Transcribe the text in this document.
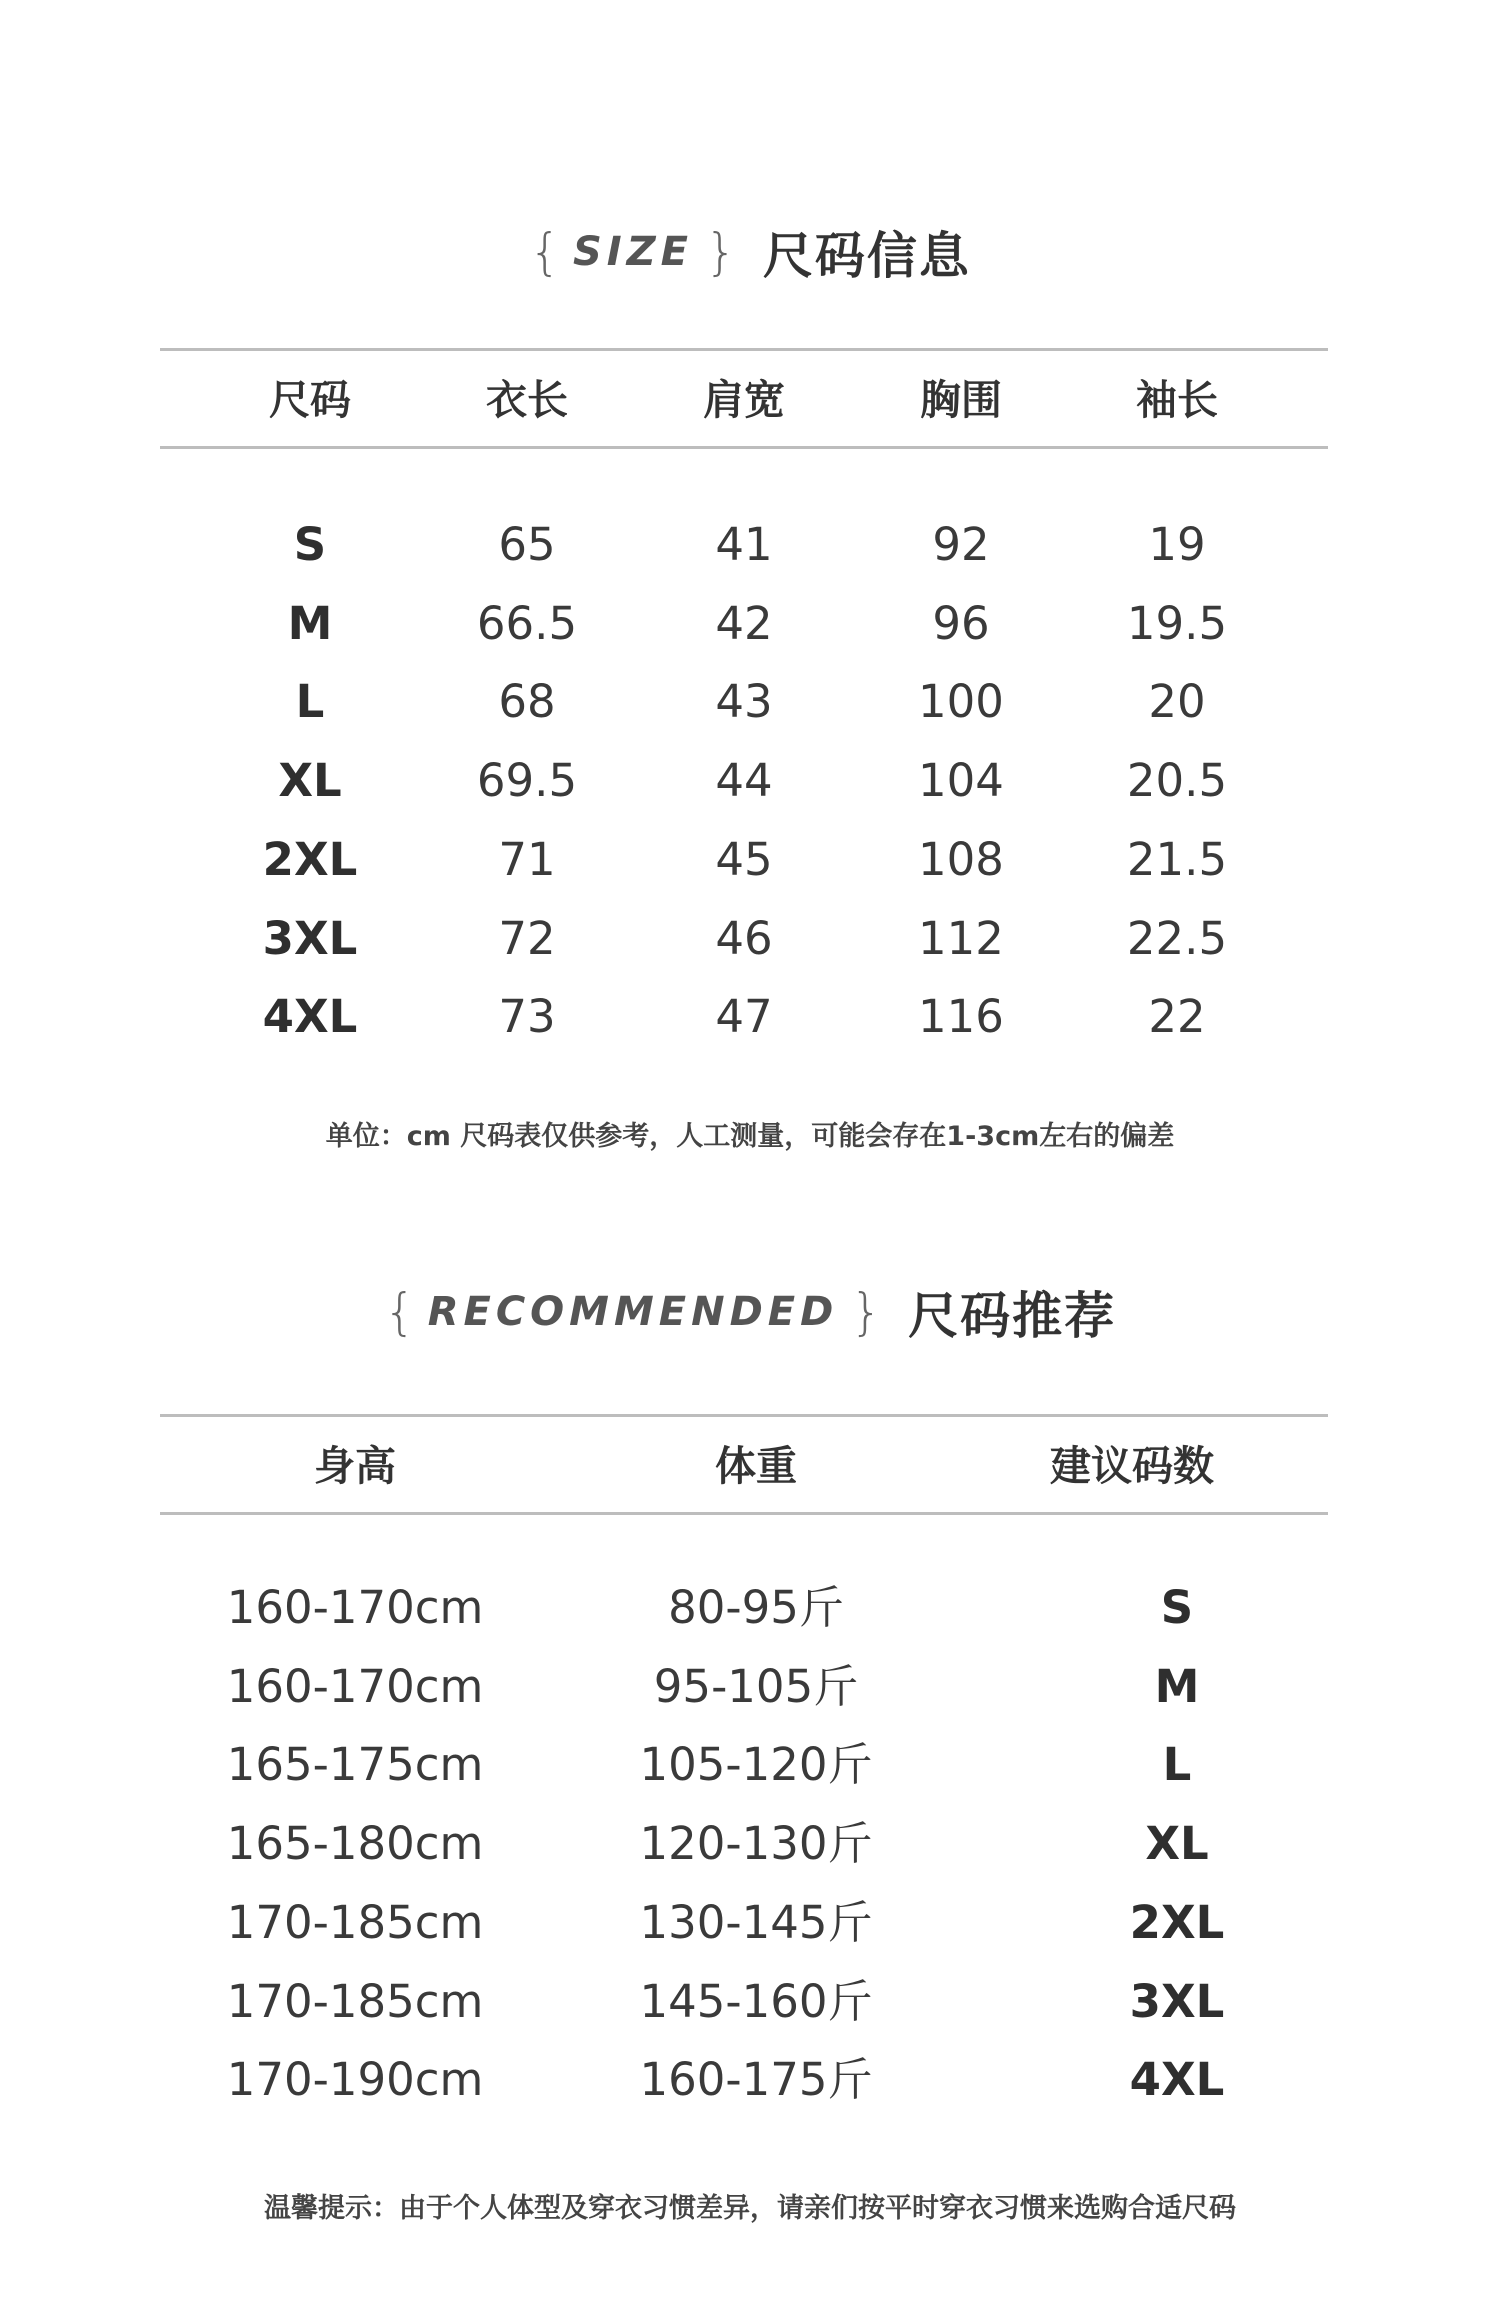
{ SIZE } 尺码信息
尺码	衣长	肩宽	胸围	袖长
S	65	41	92	19
M	66.5	42	96	19.5
L	68	43	100	20
XL	69.5	44	104	20.5
2XL	71	45	108	21.5
3XL	72	46	112	22.5
4XL	73	47	116	22
单位：cm 尺码表仅供参考，人工测量，可能会存在1-3cm左右的偏差
{ RECOMMENDED } 尺码推荐
身高	体重	建议码数
160-170cm	80-95斤	S
160-170cm	95-105斤	M
165-175cm	105-120斤	L
165-180cm	120-130斤	XL
170-185cm	130-145斤	2XL
170-185cm	145-160斤	3XL
170-190cm	160-175斤	4XL
温馨提示：由于个人体型及穿衣习惯差异，请亲们按平时穿衣习惯来选购合适尺码
